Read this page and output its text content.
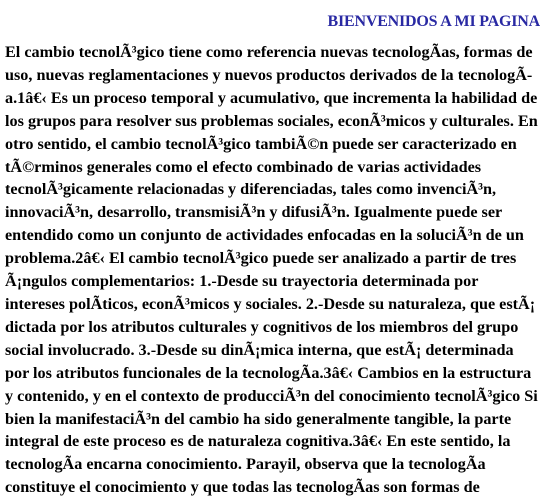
BIENVENIDOS A MI PAGINA

El cambio tecnolÃ³gico tiene como referencia nuevas tecnologÃas, formas de uso, nuevas reglamentaciones y nuevos productos derivados de la tecnologÃa.1â€‹ Es un proceso temporal y acumulativo, que incrementa la habilidad de los grupos para resolver sus problemas sociales, econÃ³micos y culturales. En otro sentido, el cambio tecnolÃ³gico tambiÃ©n puede ser caracterizado en tÃ©rminos generales como el efecto combinado de varias actividades tecnolÃ³gicamente relacionadas y diferenciadas, tales como invenciÃ³n, innovaciÃ³n, desarrollo, transmisiÃ³n y difusiÃ³n. Igualmente puede ser entendido como un conjunto de actividades enfocadas en la soluciÃ³n de un problema.2â€‹ El cambio tecnolÃ³gico puede ser analizado a partir de tres Ã¡ngulos complementarios: 1.-Desde su trayectoria determinada por intereses polÃticos, econÃ³micos y sociales. 2.-Desde su naturaleza, que estÃ¡ dictada por los atributos culturales y cognitivos de los miembros del grupo social involucrado. 3.-Desde su dinÃ¡mica interna, que estÃ¡ determinada por los atributos funcionales de la tecnologÃa.3â€‹ Cambios en la estructura y contenido, y en el contexto de producciÃ³n del conocimiento tecnolÃ³gico Si bien la manifestaciÃ³n del cambio ha sido generalmente tangible, la parte integral de este proceso es de naturaleza cognitiva.3â€‹ En este sentido, la tecnologÃa encarna conocimiento. Parayil, observa que la tecnologÃa constituye el conocimiento y que todas las tecnologÃas son formas de
